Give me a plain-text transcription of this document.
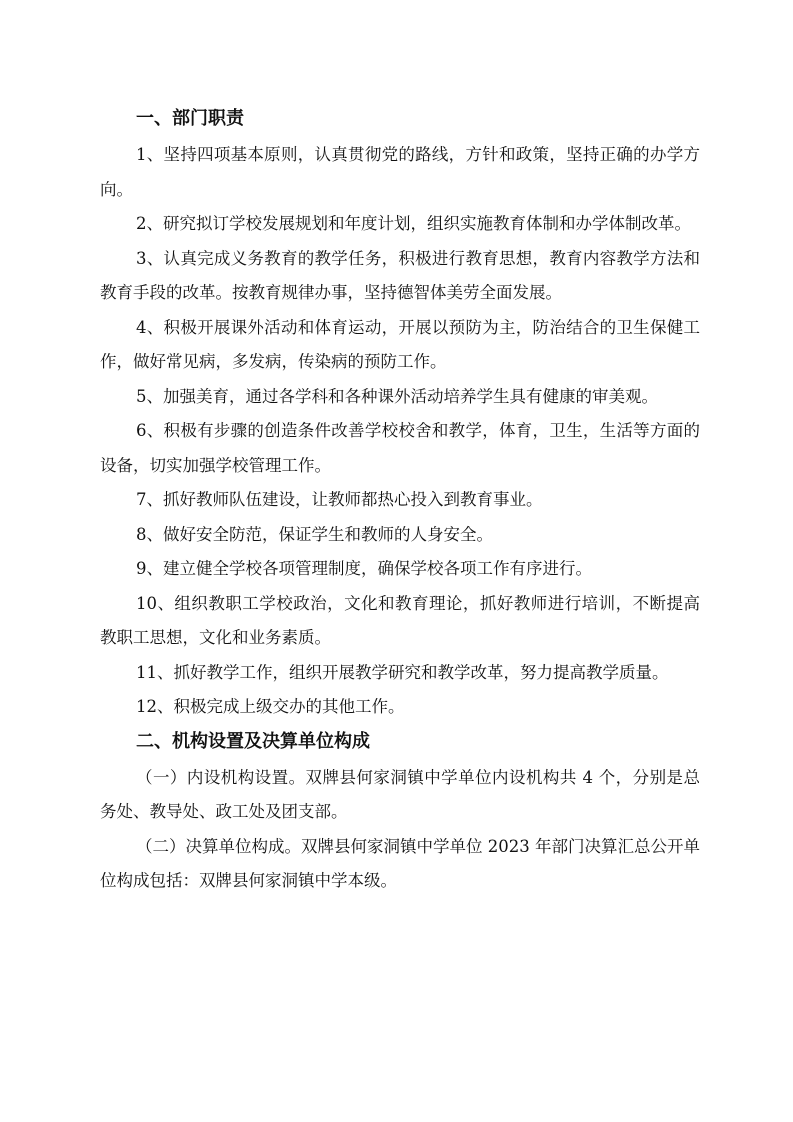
一、部门职责

1、坚持四项基本原则，认真贯彻党的路线，方针和政策，坚持正确的办学方向。

2、研究拟订学校发展规划和年度计划，组织实施教育体制和办学体制改革。

3、认真完成义务教育的教学任务，积极进行教育思想，教育内容教学方法和教育手段的改革。按教育规律办事，坚持德智体美劳全面发展。

4、积极开展课外活动和体育运动，开展以预防为主，防治结合的卫生保健工作，做好常见病，多发病，传染病的预防工作。

5、加强美育，通过各学科和各种课外活动培养学生具有健康的审美观。

6、积极有步骤的创造条件改善学校校舍和教学，体育，卫生，生活等方面的设备，切实加强学校管理工作。

7、抓好教师队伍建设，让教师都热心投入到教育事业。

8、做好安全防范，保证学生和教师的人身安全。

9、建立健全学校各项管理制度，确保学校各项工作有序进行。

10、组织教职工学校政治，文化和教育理论，抓好教师进行培训，不断提高教职工思想，文化和业务素质。

11、抓好教学工作，组织开展教学研究和教学改革，努力提高教学质量。

12、积极完成上级交办的其他工作。

二、机构设置及决算单位构成

（一）内设机构设置。双牌县何家洞镇中学单位内设机构共 4 个，分别是总务处、教导处、政工处及团支部。

（二）决算单位构成。双牌县何家洞镇中学单位 2023 年部门决算汇总公开单位构成包括：双牌县何家洞镇中学本级。
